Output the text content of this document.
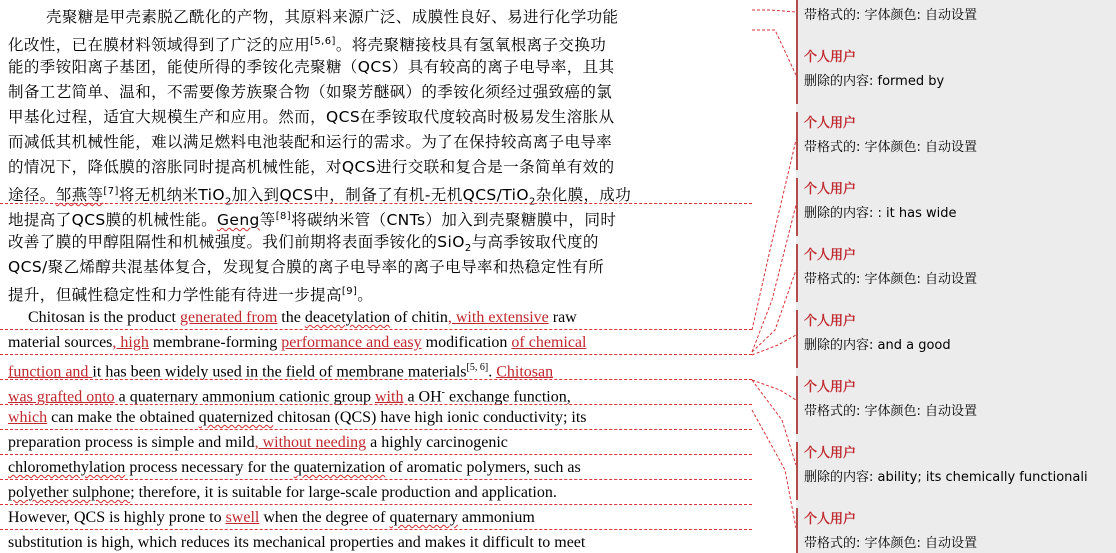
壳聚糖是甲壳素脱乙酰化的产物，其原料来源广泛、成膜性良好、易进行化学功能
化改性，已在膜材料领域得到了广泛的应用[5,6]。将壳聚糖接枝具有氢氧根离子交换功
能的季铵阳离子基团，能使所得的季铵化壳聚糖（QCS）具有较高的离子电导率，且其
制备工艺简单、温和，不需要像芳族聚合物（如聚芳醚砜）的季铵化须经过强致癌的氯
甲基化过程，适宜大规模生产和应用。然而，QCS在季铵取代度较高时极易发生溶胀从
而减低其机械性能，难以满足燃料电池装配和运行的需求。为了在保持较高离子电导率
的情况下，降低膜的溶胀同时提高机械性能，对QCS进行交联和复合是一条简单有效的
途径。邹燕等[7]将无机纳米TiO$_2$加入到QCS中，制备了有机-无机QCS/TiO$_2$杂化膜，成功
地提高了QCS膜的机械性能。Geng等[8]将碳纳米管（CNTs）加入到壳聚糖膜中，同时
改善了膜的甲醇阻隔性和机械强度。我们前期将表面季铵化的SiO$_2$与高季铵取代度的
QCS/聚乙烯醇共混基体复合，发现复合膜的离子电导率的离子电导率和热稳定性有所
提升，但碱性稳定性和力学性能有待进一步提高[9]。
Chitosan is the product generated from the deacetylation of chitin, with extensive raw
material sources, high membrane-forming performance and easy modification of chemical
function and it has been widely used in the field of membrane materials[5, 6]. Chitosan
was grafted onto a quaternary ammonium cationic group with a OH- exchange function,
which can make the obtained quaternized chitosan (QCS) have high ionic conductivity; its
preparation process is simple and mild, without needing a highly carcinogenic
chloromethylation process necessary for the quaternization of aromatic polymers, such as
polyether sulphone; therefore, it is suitable for large-scale production and application.
However, QCS is highly prone to swell when the degree of quaternary ammonium
substitution is high, which reduces its mechanical properties and makes it difficult to meet
带格式的: 字体颜色: 自动设置
个人用户
删除的内容: formed by
个人用户
带格式的: 字体颜色: 自动设置
个人用户
删除的内容: : it has wide
个人用户
带格式的: 字体颜色: 自动设置
个人用户
删除的内容: and a good
个人用户
带格式的: 字体颜色: 自动设置
个人用户
删除的内容: ability; its chemically functionali
个人用户
带格式的: 字体颜色: 自动设置
